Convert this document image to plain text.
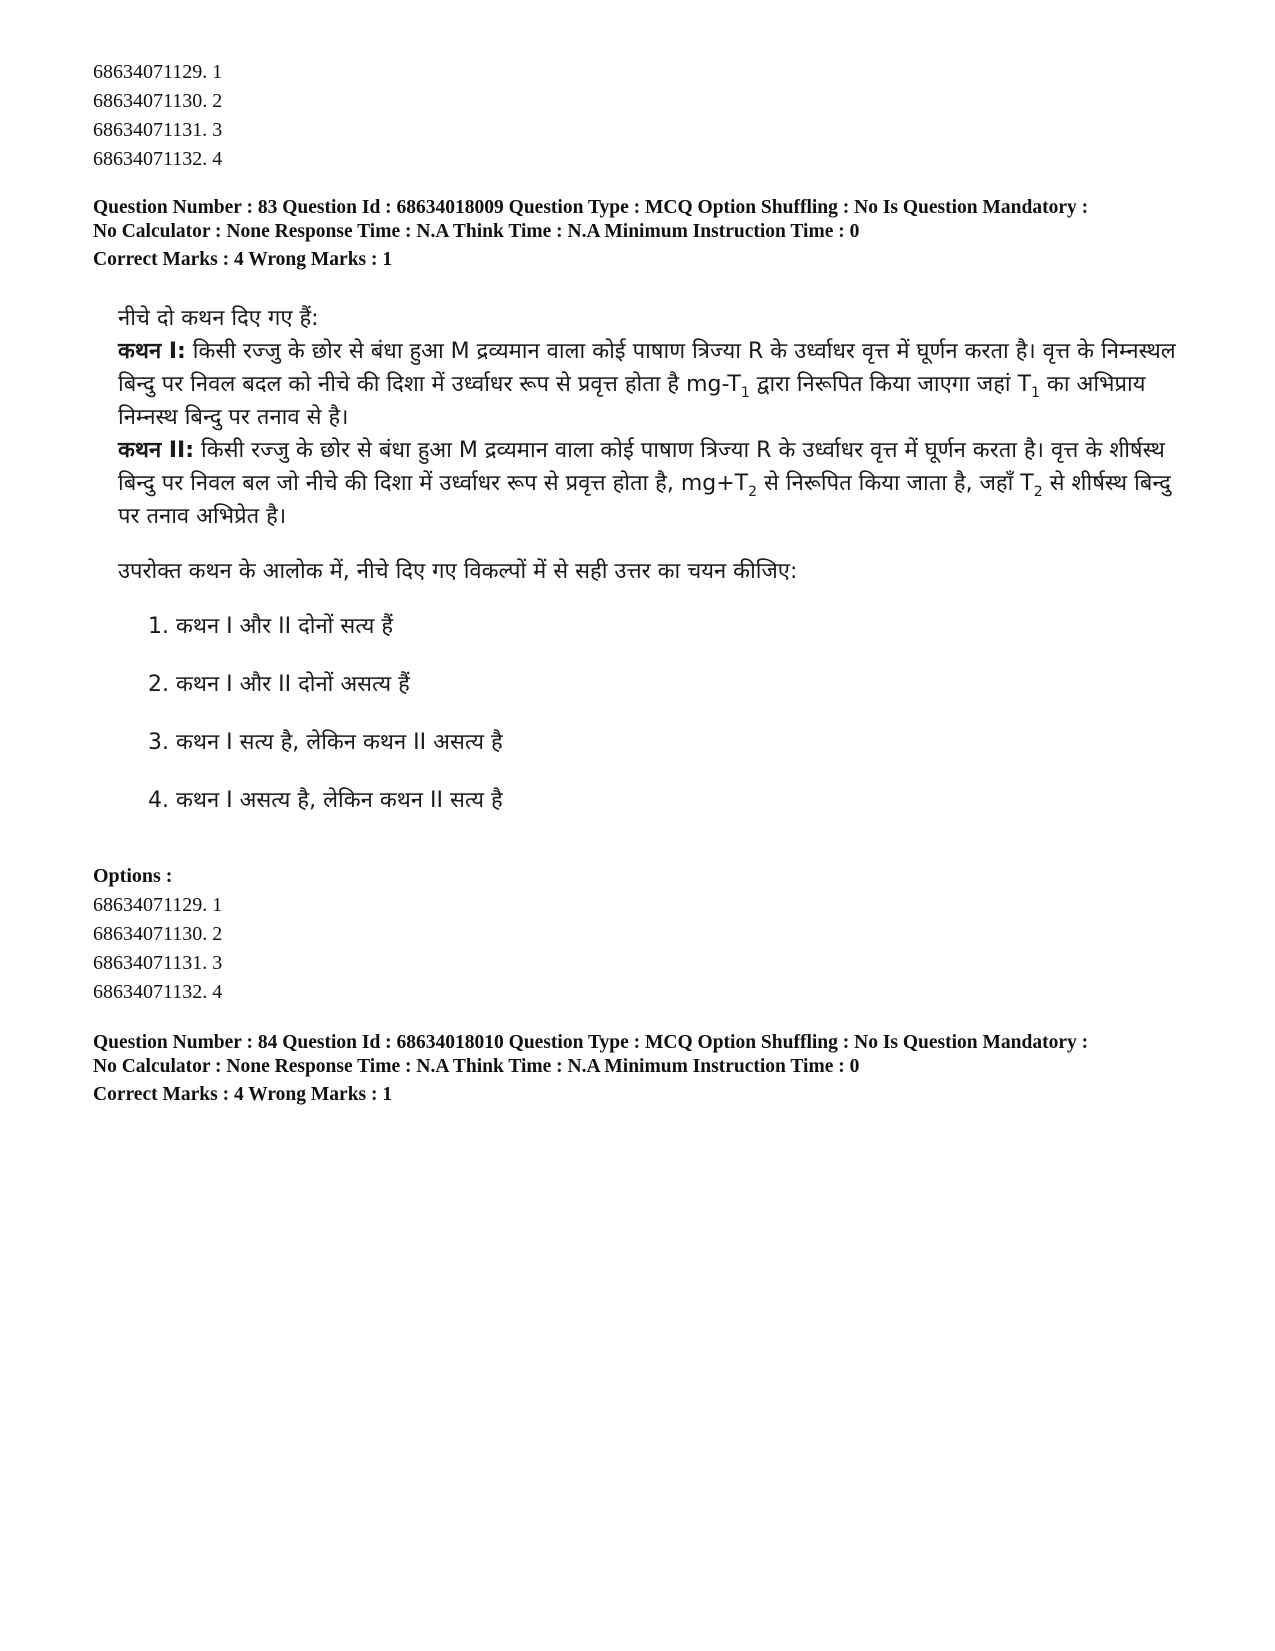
68634071129. 1
68634071130. 2
68634071131. 3
68634071132. 4
Question Number : 83 Question Id : 68634018009 Question Type : MCQ Option Shuffling : No Is Question Mandatory :
No Calculator : None Response Time : N.A Think Time : N.A Minimum Instruction Time : 0
Correct Marks : 4 Wrong Marks : 1
नीचे दो कथन दिए गए हैं:
कथन I: किसी रज्जु के छोर से बंधा हुआ M द्रव्यमान वाला कोई पाषाण त्रिज्या R के उर्ध्वाधर वृत्त में घूर्णन करता है। वृत्त के निम्नस्थल बिन्दु पर निवल बदल को नीचे की दिशा में उर्ध्वाधर रूप से प्रवृत्त होता है $mg-T_1$ द्वारा निरूपित किया जाएगा जहां $T_1$ का अभिप्राय निम्नस्थ बिन्दु पर तनाव से है।
कथन II: किसी रज्जु के छोर से बंधा हुआ M द्रव्यमान वाला कोई पाषाण त्रिज्या R के उर्ध्वाधर वृत्त में घूर्णन करता है। वृत्त के शीर्षस्थ बिन्दु पर निवल बल जो नीचे की दिशा में उर्ध्वाधर रूप से प्रवृत्त होता है, $mg+T_2$ से निरूपित किया जाता है, जहाँ $T_2$ से शीर्षस्थ बिन्दु पर तनाव अभिप्रेत है।
उपरोक्त कथन के आलोक में, नीचे दिए गए विकल्पों में से सही उत्तर का चयन कीजिए:
1. कथन I और II दोनों सत्य हैं
2. कथन I और II दोनों असत्य हैं
3. कथन I सत्य है, लेकिन कथन II असत्य है
4. कथन I असत्य है, लेकिन कथन II सत्य है
Options :
68634071129. 1
68634071130. 2
68634071131. 3
68634071132. 4
Question Number : 84 Question Id : 68634018010 Question Type : MCQ Option Shuffling : No Is Question Mandatory :
No Calculator : None Response Time : N.A Think Time : N.A Minimum Instruction Time : 0
Correct Marks : 4 Wrong Marks : 1
